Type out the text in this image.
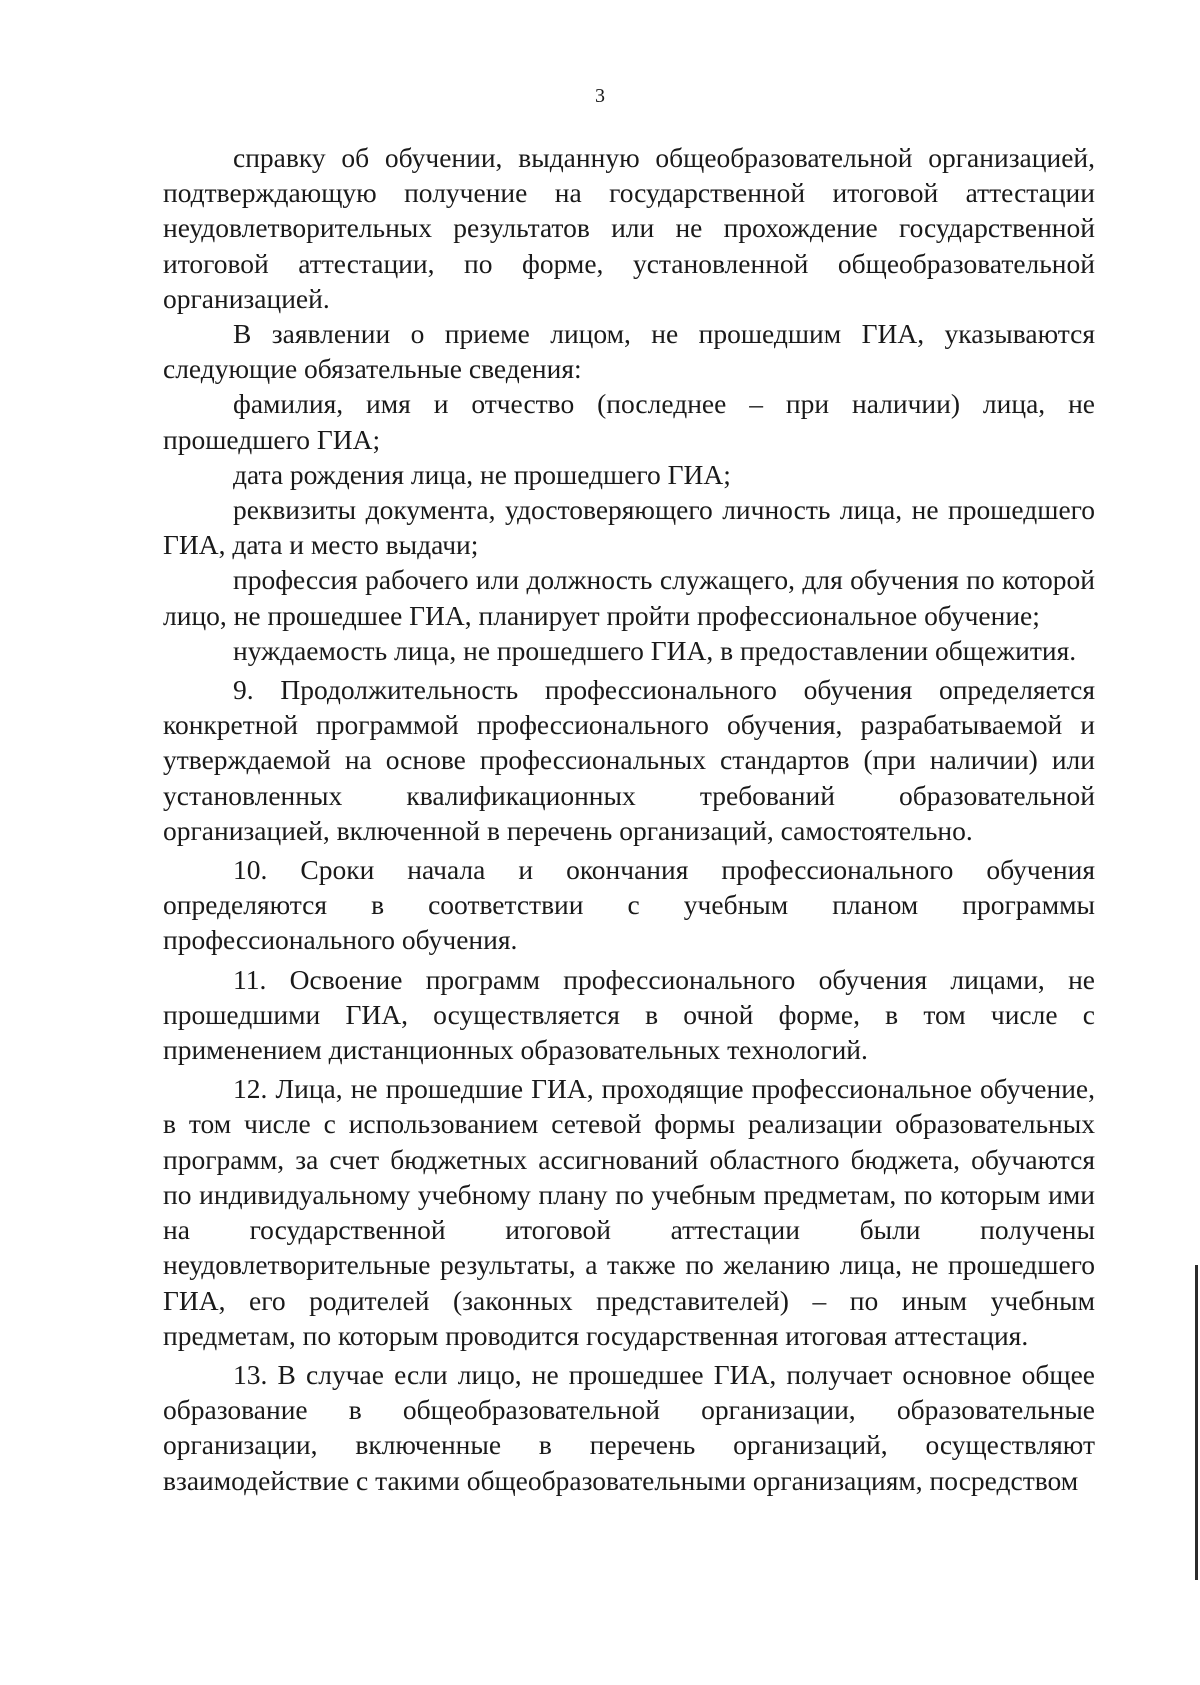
3

справку об обучении, выданную общеобразовательной организацией, подтверждающую получение на государственной итоговой аттестации неудовлетворительных результатов или не прохождение государственной итоговой аттестации, по форме, установленной общеобразовательной организацией.

В заявлении о приеме лицом, не прошедшим ГИА, указываются следующие обязательные сведения:

фамилия, имя и отчество (последнее – при наличии) лица, не прошедшего ГИА;

дата рождения лица, не прошедшего ГИА;

реквизиты документа, удостоверяющего личность лица, не прошедшего ГИА, дата и место выдачи;

профессия рабочего или должность служащего, для обучения по которой лицо, не прошедшее ГИА, планирует пройти профессиональное обучение;

нуждаемость лица, не прошедшего ГИА, в предоставлении общежития.

9. Продолжительность профессионального обучения определяется конкретной программой профессионального обучения, разрабатываемой и утверждаемой на основе профессиональных стандартов (при наличии) или установленных квалификационных требований образовательной организацией, включенной в перечень организаций, самостоятельно.

10. Сроки начала и окончания профессионального обучения определяются в соответствии с учебным планом программы профессионального обучения.

11. Освоение программ профессионального обучения лицами, не прошедшими ГИА, осуществляется в очной форме, в том числе с применением дистанционных образовательных технологий.

12. Лица, не прошедшие ГИА, проходящие профессиональное обучение, в том числе с использованием сетевой формы реализации образовательных программ, за счет бюджетных ассигнований областного бюджета, обучаются по индивидуальному учебному плану по учебным предметам, по которым ими на государственной итоговой аттестации были получены неудовлетворительные результаты, а также по желанию лица, не прошедшего ГИА, его родителей (законных представителей) – по иным учебным предметам, по которым проводится государственная итоговая аттестация.

13. В случае если лицо, не прошедшее ГИА, получает основное общее образование в общеобразовательной организации, образовательные организации, включенные в перечень организаций, осуществляют взаимодействие с такими общеобразовательными организациям, посредством
